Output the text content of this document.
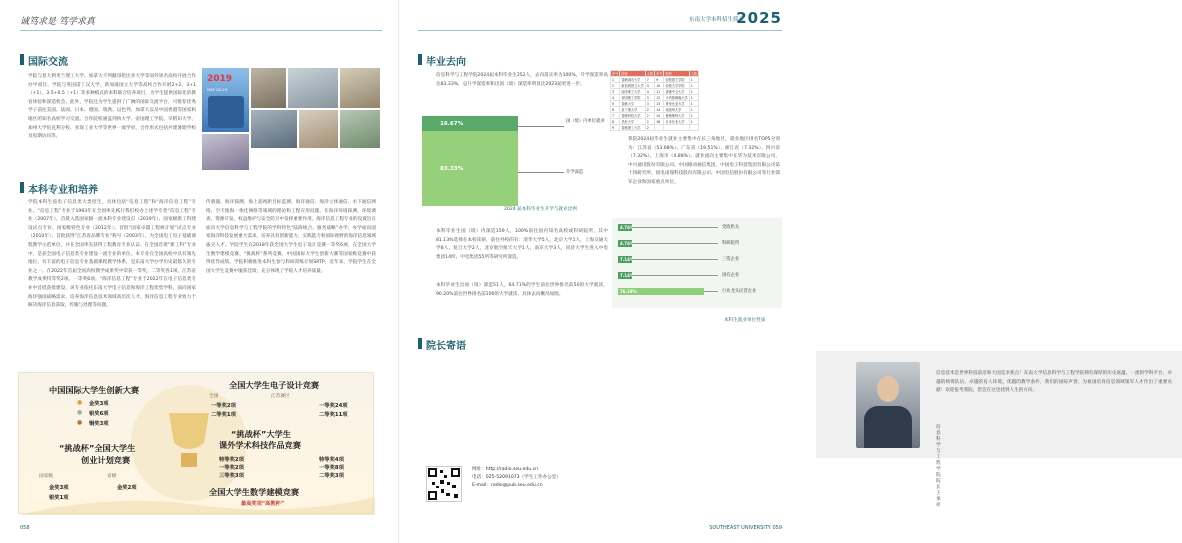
诚笃求是 笃学求真
国际交流
学院与意大利米兰理工大学、加拿大不列颠哥伦比亚大学等国外知名高校开展合作办学项目。学院与英国诺丁汉大学、新加坡国立大学等高校合作开展2+2、3+1（+1）、3.5+0.5（+1）等多种模式的本科联合培养项目，为学生提供国际化的教育体验和深造机会。此外，学院还为学生提供了广阔的国际交流平台，可推荐优秀学子前往美国、法国、日本、德国、瑞典、以色列、加拿大以及中国香港等国家和地区的知名高校学习交流。合作院校涵盖剑桥大学、帝国理工学院、早稻田大学、加州大学伯克利分校、亚琛工业大学等世界一流学府，合作形式包括共建暑期学校及短期访问等。
2019
MAY 26-29
本科专业和培养
学院本科生按电子信息类大类招生，具体包括“信息工程”和“海洋信息工程”专业。“信息工程”专业于1993年在全国率先践行我们校办上述学专类“信息工程”专业（2007年），首批入选国家级一流本科专业建设点（2019年）、国家级新工科建设试点专业、国家级特色专业（2012年）、首批“国家卓越工程师计划”试点专业（2010年）、首批获得“江苏省品牌专业”称号（2003年），为全国电工电子基础课程教学示范单位，并在全国率先获得工程教育专业认证。在全国首批“新工科”专业中，是获全国电子信息类专业建设一流专业的单位。本专业在全国高校中具有领先地位，有丰富的电子信息专业基础课程教学体系，是东南大学办学历史最悠久的专业之一。在2022年首届全国高校教学成果奖中荣获一等奖、二等奖各1项、江苏省教学成果特等奖2项、一等奖6项。“海洋信息工程”专业于2022年在电子信息类专业中首批获批建设，该专业依托东南大学电子信息和海洋工程优势学科，面向国家海洋强国战略需求，培养海洋信息技术领域高层次人才。海洋信息工程专业致力于解决海洋信息获取、传输与处理等问题。
传感器、海洋探测、海上超视距目标监测、海洋通信、海洋立体通信、水下通信网络、空天地海一体化网络等领域的理论和工程应用问题，在海洋环境探测、环境调查、资源开发、权益维护与安全防卫中发挥重要作用。海洋信息工程专业的设置旨在面向大学信息科学与工程学院的学科特色“陆海统合、服务战略”办学，办学面向国家海洋科技发展重大需求，培养具有创新能力、实践能力和国际视野的海洋信息领域拔尖人才。学院学生在2018年获全国大学生电子设计竞赛一等奖6项，在全国大学生数学建模竞赛、“挑战杯”系列竞赛、中国国际大学生创新大赛等国家级竞赛中获得优异成绩。学院积极推进本科生参与科研训练计划SRTP，近年来，学院学生在全国大学生竞赛中屡获佳绩，充分体现了学院人才培养质量。
中国国际大学生创新大赛
金奖3项
银奖6项
铜奖3项
●
●
●
全国大学生电子设计竞赛
全国	江苏赛区
一等奖2项
二等奖1项
一等奖24项
二等奖11项
“挑战杯”全国大学生
创业计划竞赛
国家级	省级
金奖3项
银奖1项
金奖2项
“挑战杯”大学生
课外学术科技作品竞赛
特等奖2项
一等奖2项
三等奖3项
特等奖4项
一等奖8项
二等奖3项
全国大学生数学建模竞赛
最高奖项“高教杯”
058
东南大学本科招生简章
2025
毕业去向
信息科学与工程学院2024届本科毕业生252人，去向落实率为100%，升学深造率高达83.33%，总升学深造率和出国（境）深造率明显比2023届更进一步。
16.67%
83.33%
国（境）内单位就业
升学深造
2024 届本科毕业生升学与就业比例
序号	院校	人数	序号	院校	人数
1	香港城市大学	7	9	伦敦国王学院	1
2	新加坡国立大学	4	10	伦敦大学学院	1
3	南洋理工大学	4	11	香港中文大学	1
4	帝国理工学院	3	12	卡内基梅隆大学	1
5	香港大学	3	13	哥伦比亚大学	1
6	爱丁堡大学	2	14	南加州大学	1
7	香港科技大学	2	15	曼彻斯特大学	1
8	悉尼大学	2	16	日本东北大学	1
9	香港理工大学	2			
我院2024届毕业生就业主要集中在长三角地区，就业地区排名TOP5分别为：江苏省（53.68%）、广东省（19.51%）、浙江省（7.32%）、四川省（7.32%）、上海市（4.88%）。就业流向主要集中在华为技术有限公司、中兴通讯股份有限公司、中国移动通信集团、中国电子科技集团有限公司第十四研究所、国电南瑞科技股份有限公司、中国电信股份有限公司等行业领军企业和国家重点单位。
本科毕业生国（境）内深造159人，100%前往国内知名高校或科研院所，其中81.13%选择在本校读研，前往外校的有：清华大学5人，北京大学1人，上海交通大学8人，复旦大学2人，北京航空航天大学1人，南京大学3人，同济大学生进入中电集团14所、中电集团55所等研究所深造。
本科毕业生出国（境）深造51人，64.71%的学生前往世界排名前50的大学就读，90.20%前往世界排名前100的大学就读，具体去向概况如图。
4.76%	党政机关
4.76%	科研院所
7.14%	三资企业
7.14%	国有企业
76.19%	行业龙头民营企业
本科生就业单位性质
院长寄语
信息技术是世界科技前沿和大国竞争焦点！东南大学信息科学与工程学院拥有深厚的历史底蕴、一流的学科平台、卓越的师资队伍、卓越的育人环境。优越的教学条件，我们的国际声誉，为祖国培育信息领域领军人才作出了重要贡献！欢迎报考我院，您会在这里找到人生的方向。
信息科学与工程学院院长 王承祥
网址：http://radio.seu.edu.cn
电话：025-52091073（学生工作办公室）
E-mail：radio@pub.seu.edu.cn
SOUTHEAST UNIVERSITY 059
